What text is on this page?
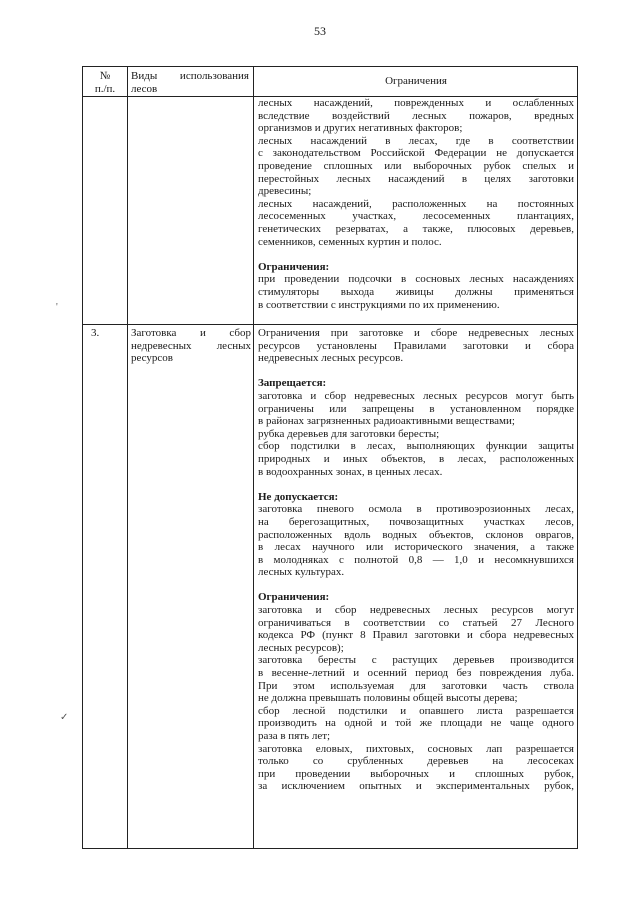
53
№
п./п.
Виды использования
лесов
Ограничения
лесных насаждений, поврежденных и ослабленных
вследствие воздействий лесных пожаров, вредных
организмов и других негативных факторов;
лесных насаждений в лесах, где в соответствии
с законодательством Российской Федерации не допускается
проведение сплошных или выборочных рубок спелых и
перестойных лесных насаждений в целях заготовки
древесины;
лесных насаждений, расположенных на постоянных
лесосеменных участках, лесосеменных плантациях,
генетических резерватах, а также, плюсовых деревьев,
семенников, семенных куртин и полос.
Ограничения:
при проведении подсочки в сосновых лесных насаждениях
стимуляторы выхода живицы должны применяться
в соответствии с инструкциями по их применению.
3.	Заготовка и сбор
недревесных лесных
ресурсов
Ограничения при заготовке и сборе недревесных лесных
ресурсов установлены Правилами заготовки и сбора
недревесных лесных ресурсов.
Запрещается:
заготовка и сбор недревесных лесных ресурсов могут быть
ограничены или запрещены в установленном порядке
в районах загрязненных радиоактивными веществами;
рубка деревьев для заготовки бересты;
сбор подстилки в лесах, выполняющих функции защиты
природных и иных объектов, в лесах, расположенных
в водоохранных зонах, в ценных лесах.
Не допускается:
заготовка пневого осмола в противоэрозионных лесах,
на берегозащитных, почвозащитных участках лесов,
расположенных вдоль водных объектов, склонов оврагов,
в лесах научного или исторического значения, а также
в молодняках с полнотой 0,8 — 1,0 и несомкнувшихся
лесных культурах.
Ограничения:
заготовка и сбор недревесных лесных ресурсов могут
ограничиваться в соответствии со статьей 27 Лесного
кодекса РФ (пункт 8 Правил заготовки и сбора недревесных
лесных ресурсов);
заготовка бересты с растущих деревьев производится
в весенне-летний и осенний период без повреждения луба.
При этом используемая для заготовки часть ствола
не должна превышать половины общей высоты дерева;
сбор лесной подстилки и опавшего листа разрешается
производить на одной и той же площади не чаще одного
раза в пять лет;
заготовка еловых, пихтовых, сосновых лап разрешается
только со срубленных деревьев на лесосеках
при проведении выборочных и сплошных рубок,
за исключением опытных и экспериментальных рубок,
'
✓
